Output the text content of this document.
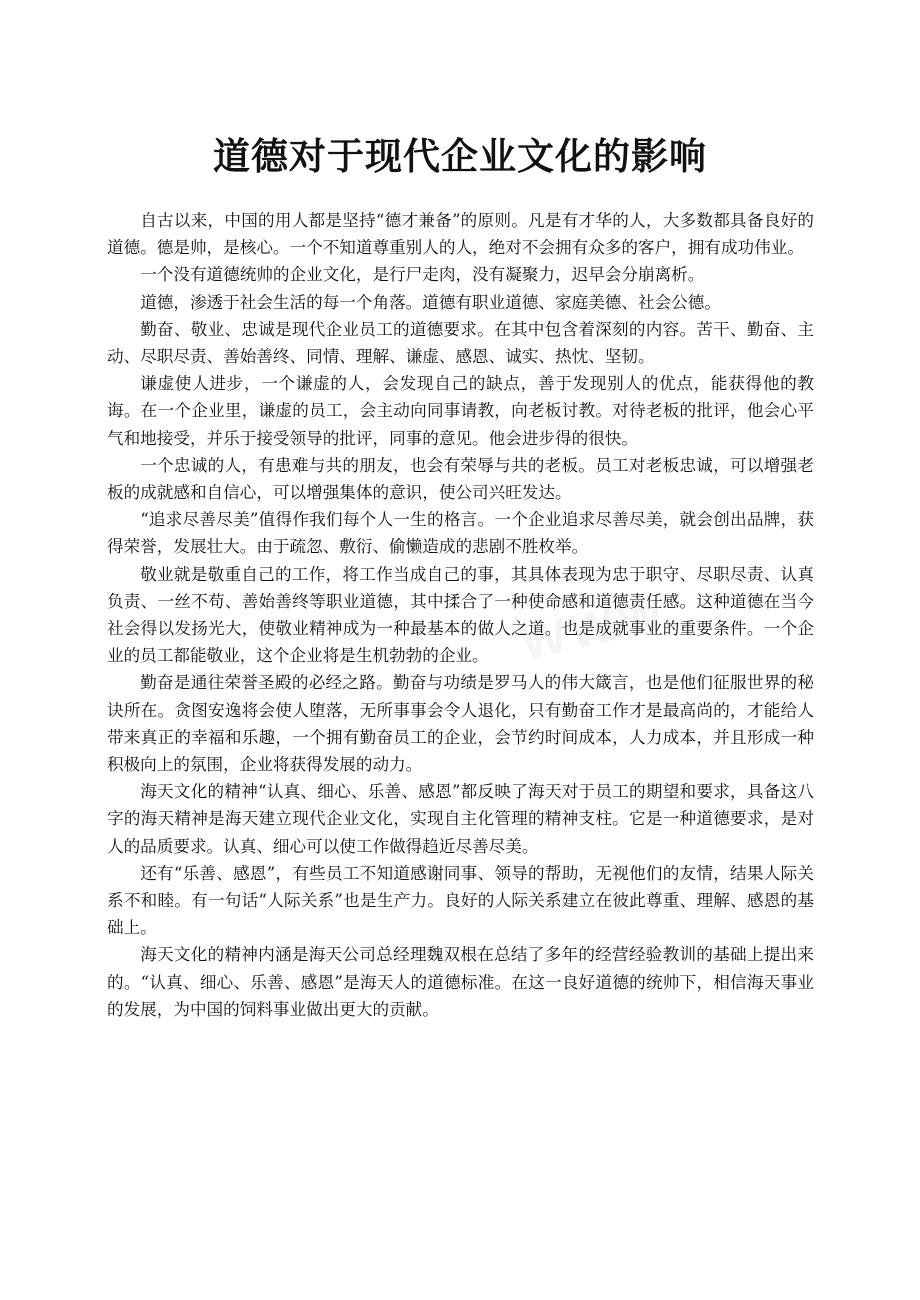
道德对于现代企业文化的影响

自古以来，中国的用人都是坚持“德才兼备”的原则。凡是有才华的人，大多数都具备良好的道德。德是帅，是核心。一个不知道尊重别人的人，绝对不会拥有众多的客户，拥有成功伟业。

一个没有道德统帅的企业文化，是行尸走肉，没有凝聚力，迟早会分崩离析。

道德，渗透于社会生活的每一个角落。道德有职业道德、家庭美德、社会公德。

勤奋、敬业、忠诚是现代企业员工的道德要求。在其中包含着深刻的内容。苦干、勤奋、主动、尽职尽责、善始善终、同情、理解、谦虚、感恩、诚实、热忱、坚韧。

谦虚使人进步，一个谦虚的人，会发现自己的缺点，善于发现别人的优点，能获得他的教诲。在一个企业里，谦虚的员工，会主动向同事请教，向老板讨教。对待老板的批评，他会心平气和地接受，并乐于接受领导的批评，同事的意见。他会进步得的很快。

一个忠诚的人，有患难与共的朋友，也会有荣辱与共的老板。员工对老板忠诚，可以增强老板的成就感和自信心，可以增强集体的意识，使公司兴旺发达。

“追求尽善尽美”值得作我们每个人一生的格言。一个企业追求尽善尽美，就会创出品牌，获得荣誉，发展壮大。由于疏忽、敷衍、偷懒造成的悲剧不胜枚举。

敬业就是敬重自己的工作，将工作当成自己的事，其具体表现为忠于职守、尽职尽责、认真负责、一丝不苟、善始善终等职业道德，其中揉合了一种使命感和道德责任感。这种道德在当今社会得以发扬光大，使敬业精神成为一种最基本的做人之道。也是成就事业的重要条件。一个企业的员工都能敬业，这个企业将是生机勃勃的企业。

勤奋是通往荣誉圣殿的必经之路。勤奋与功绩是罗马人的伟大箴言，也是他们征服世界的秘诀所在。贪图安逸将会使人堕落，无所事事会令人退化，只有勤奋工作才是最高尚的，才能给人带来真正的幸福和乐趣，一个拥有勤奋员工的企业，会节约时间成本，人力成本，并且形成一种积极向上的氛围，企业将获得发展的动力。

海天文化的精神“认真、细心、乐善、感恩”都反映了海天对于员工的期望和要求，具备这八字的海天精神是海天建立现代企业文化，实现自主化管理的精神支柱。它是一种道德要求，是对人的品质要求。认真、细心可以使工作做得趋近尽善尽美。

还有“乐善、感恩”，有些员工不知道感谢同事、领导的帮助，无视他们的友情，结果人际关系不和睦。有一句话“人际关系”也是生产力。良好的人际关系建立在彼此尊重、理解、感恩的基础上。

海天文化的精神内涵是海天公司总经理魏双根在总结了多年的经营经验教训的基础上提出来的。“认真、细心、乐善、感恩”是海天人的道德标准。在这一良好道德的统帅下，相信海天事业的发展，为中国的饲料事业做出更大的贡献。
